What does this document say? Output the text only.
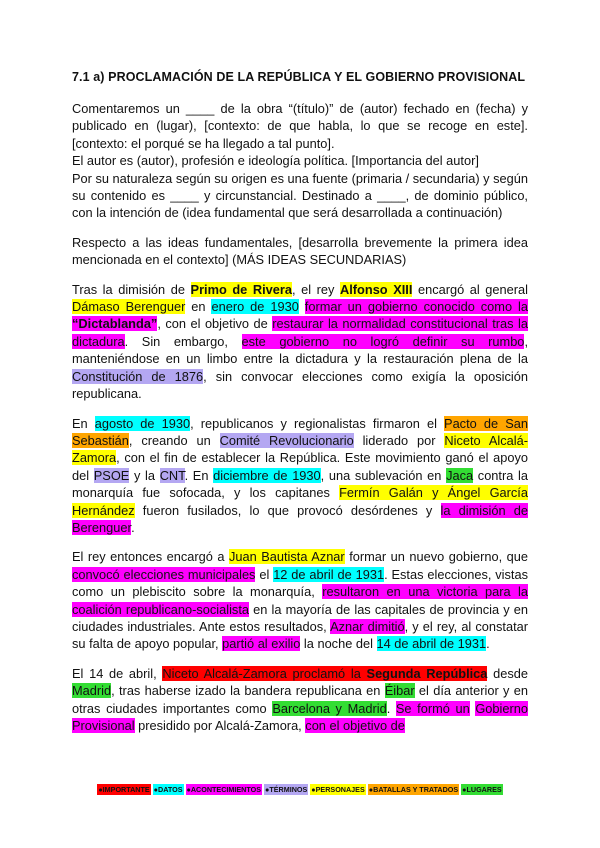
7.1 a) PROCLAMACIÓN DE LA REPÚBLICA Y EL GOBIERNO PROVISIONAL

Comentaremos un ____ de la obra “(título)” de (autor) fechado en (fecha) y publicado en (lugar), [contexto: de que habla, lo que se recoge en este]. [contexto: el porqué se ha llegado a tal punto].

El autor es (autor), profesión e ideología política. [Importancia del autor]

Por su naturaleza según su origen es una fuente (primaria / secundaria) y según su contenido es ____ y circunstancial. Destinado a ____, de dominio público, con la intención de (idea fundamental que será desarrollada a continuación)

Respecto a las ideas fundamentales, [desarrolla brevemente la primera idea mencionada en el contexto] (MÁS IDEAS SECUNDARIAS)

Tras la dimisión de Primo de Rivera, el rey Alfonso XIII encargó al general Dámaso Berenguer en enero de 1930 formar un gobierno conocido como la “Dictablanda”, con el objetivo de restaurar la normalidad constitucional tras la dictadura. Sin embargo, este gobierno no logró definir su rumbo, manteniéndose en un limbo entre la dictadura y la restauración plena de la Constitución de 1876, sin convocar elecciones como exigía la oposición republicana.

En agosto de 1930, republicanos y regionalistas firmaron el Pacto de San Sebastián, creando un Comité Revolucionario liderado por Niceto Alcalá-Zamora, con el fin de establecer la República. Este movimiento ganó el apoyo del PSOE y la CNT. En diciembre de 1930, una sublevación en Jaca contra la monarquía fue sofocada, y los capitanes Fermín Galán y Ángel García Hernández fueron fusilados, lo que provocó desórdenes y la dimisión de Berenguer.

El rey entonces encargó a Juan Bautista Aznar formar un nuevo gobierno, que convocó elecciones municipales el 12 de abril de 1931. Estas elecciones, vistas como un plebiscito sobre la monarquía, resultaron en una victoria para la coalición republicano-socialista en la mayoría de las capitales de provincia y en ciudades industriales. Ante estos resultados, Aznar dimitió, y el rey, al constatar su falta de apoyo popular, partió al exilio la noche del 14 de abril de 1931.

El 14 de abril, Niceto Alcalá-Zamora proclamó la Segunda República desde Madrid, tras haberse izado la bandera republicana en Éibar el día anterior y en otras ciudades importantes como Barcelona y Madrid. Se formó un Gobierno Provisional presidido por Alcalá-Zamora, con el objetivo de

●IMPORTANTE ●DATOS ●ACONTECIMIENTOS ●TÉRMINOS ●PERSONAJES ●BATALLAS Y TRATADOS ●LUGARES
